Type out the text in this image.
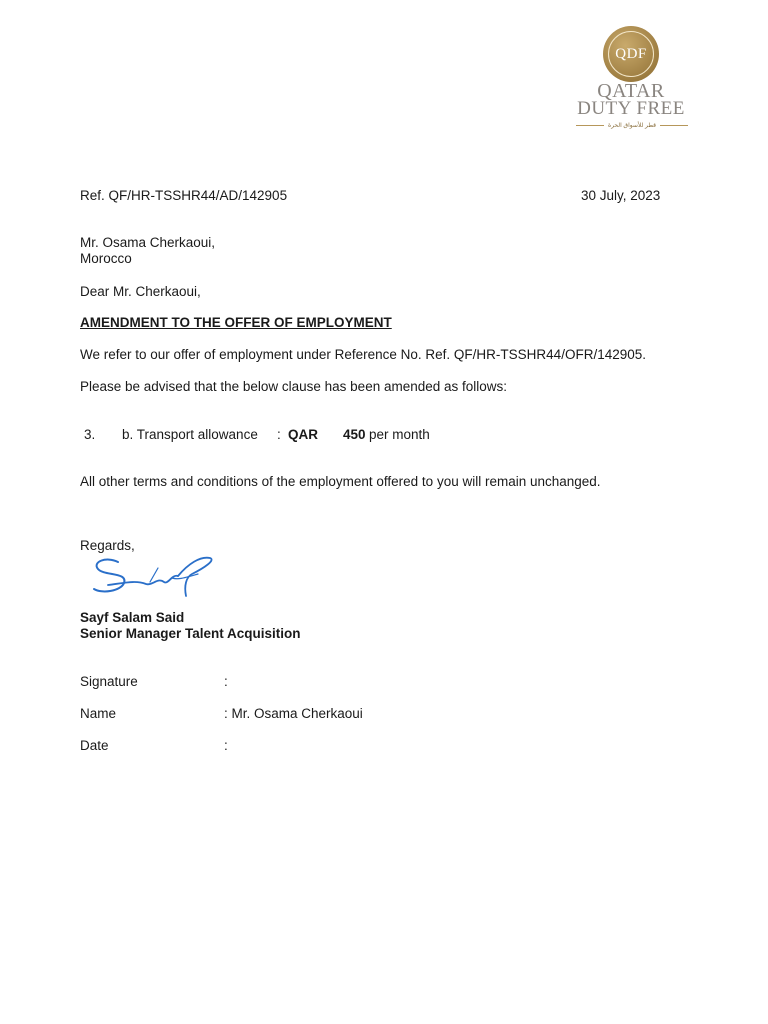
QDF
QATAR
DUTY FREE
قطر للأسواق الحرة
Ref. QF/HR-TSSHR44/AD/142905	30 July, 2023
Mr. Osama Cherkaoui,
Morocco
Dear Mr. Cherkaoui,
AMENDMENT TO THE OFFER OF EMPLOYMENT
We refer to our offer of employment under Reference No. Ref. QF/HR-TSSHR44/OFR/142905.
Please be advised that the below clause has been amended as follows:
3. b. Transport allowance : QAR 450 per month
All other terms and conditions of the employment offered to you will remain unchanged.
Regards,
Sayf Salam Said
Senior Manager Talent Acquisition
Signature	:
Name	: Mr. Osama Cherkaoui
Date	:
